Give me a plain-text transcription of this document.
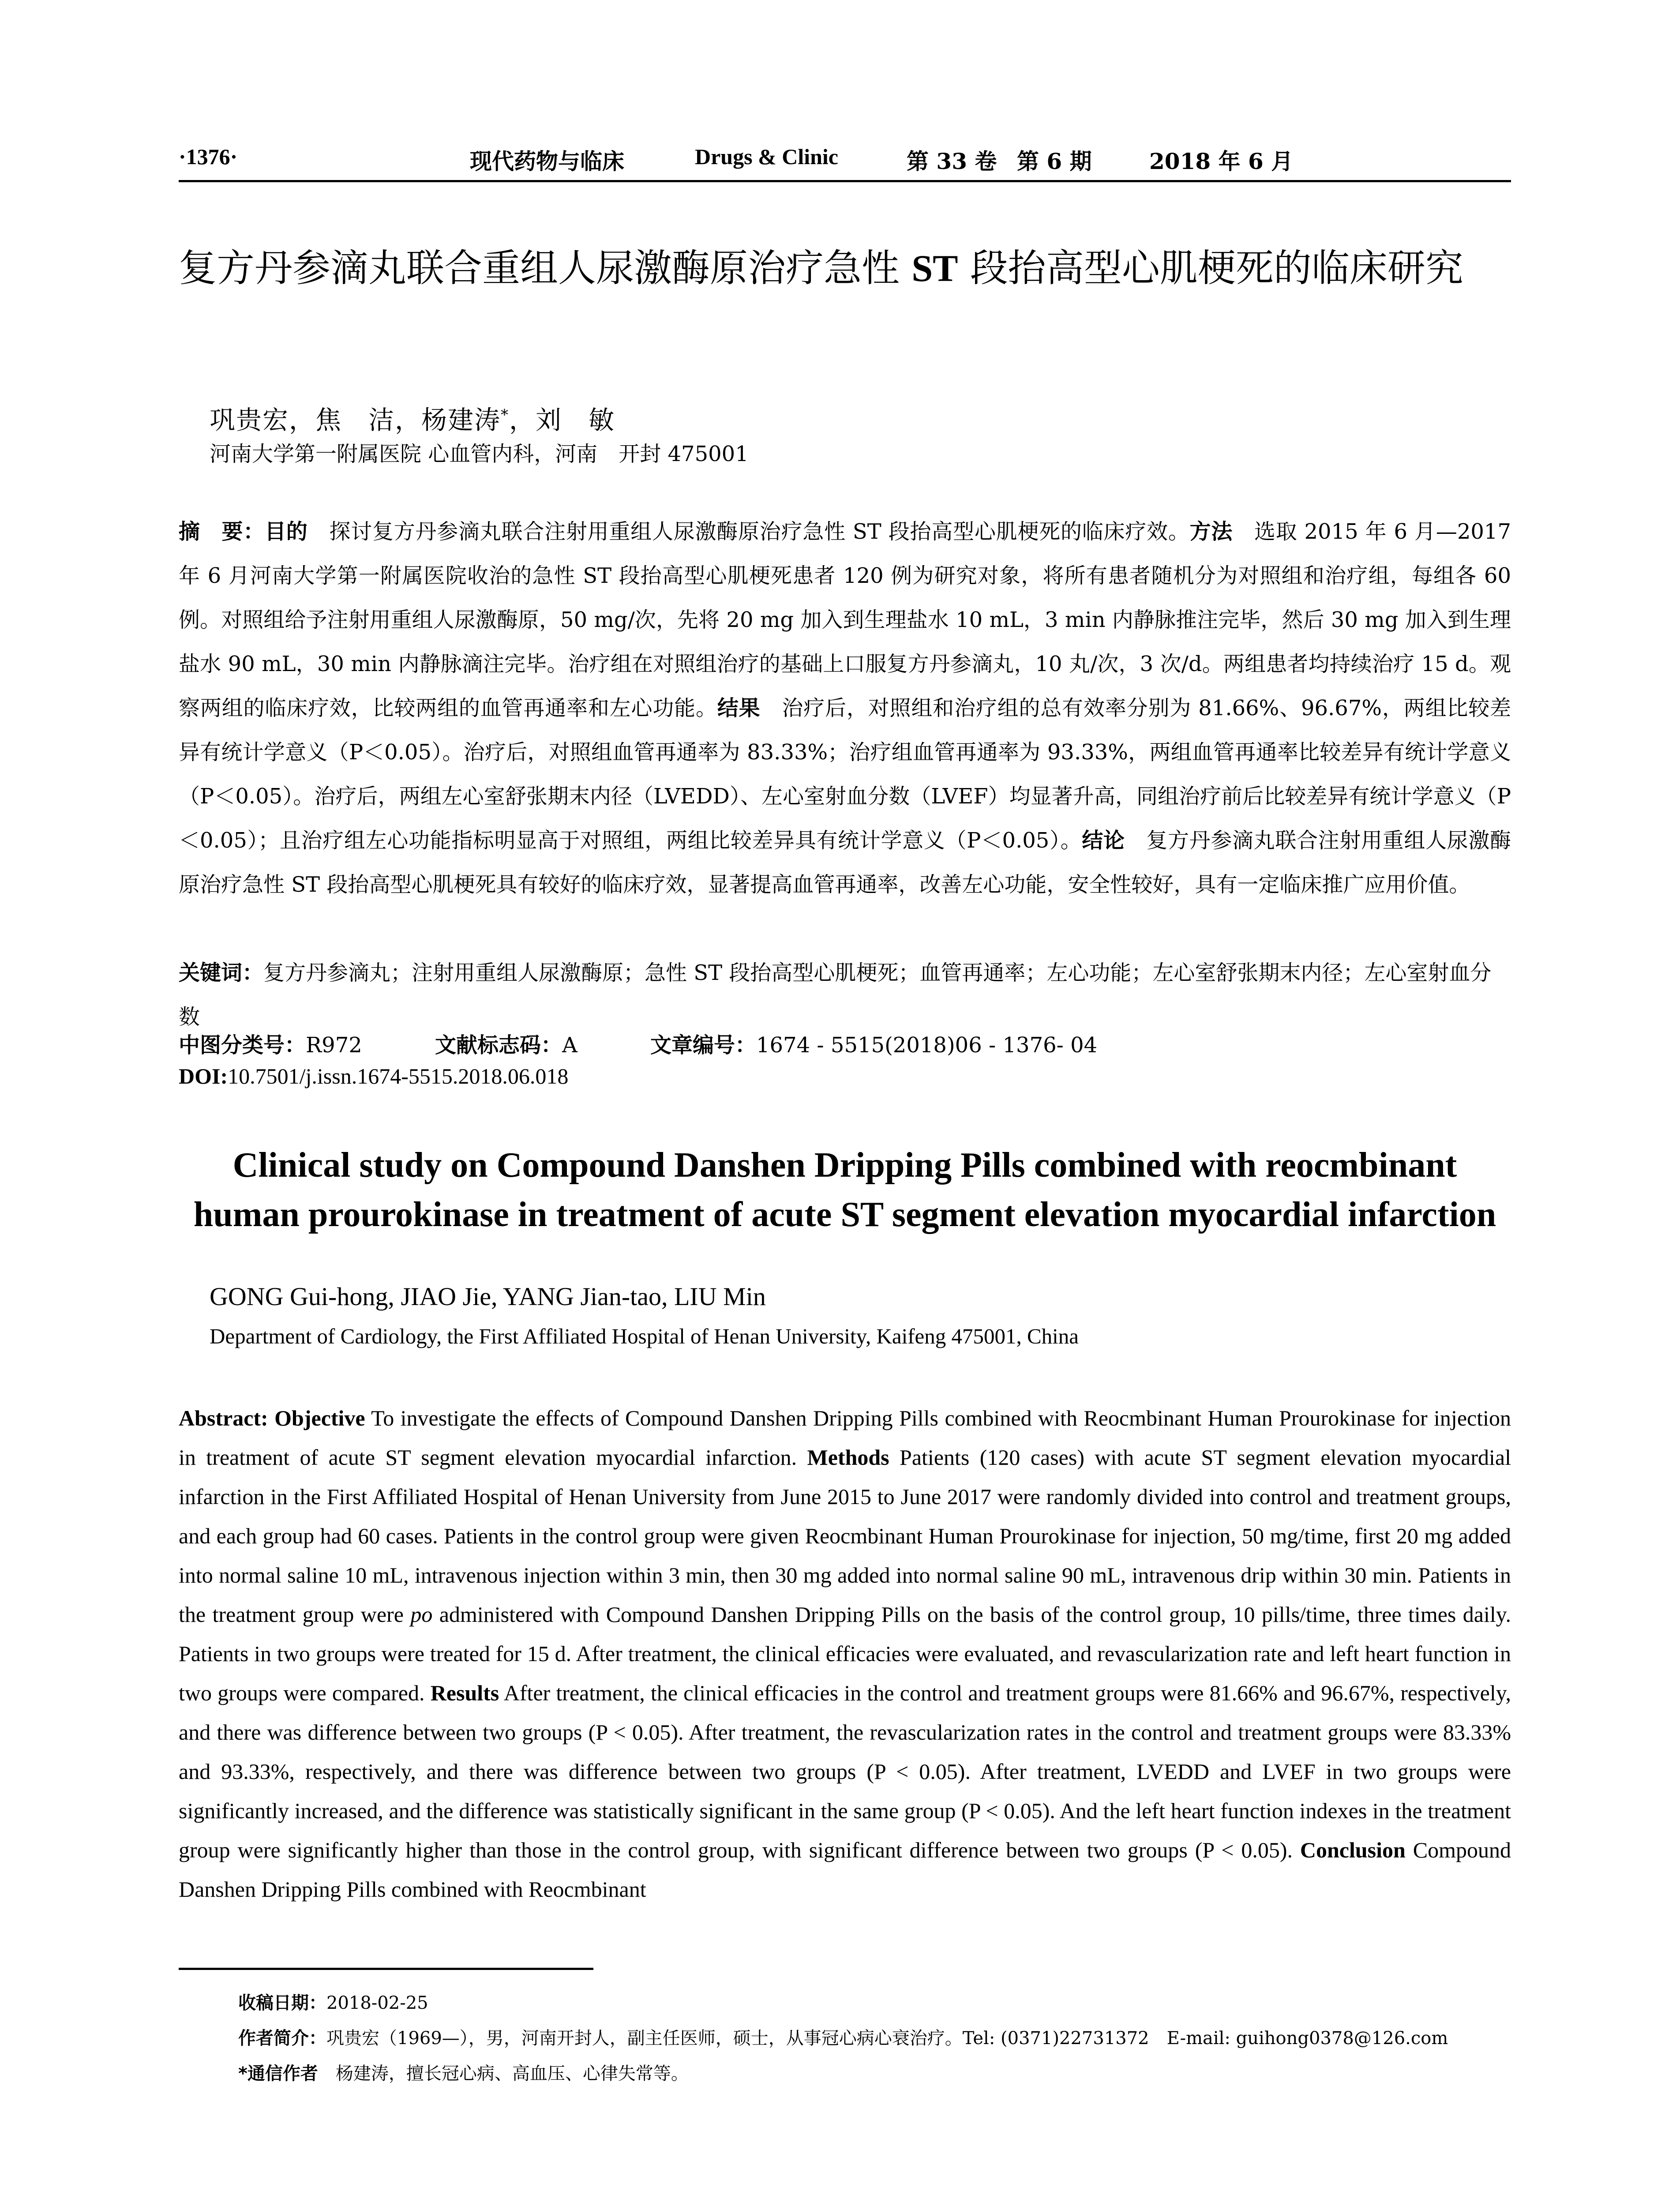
·1376·	现代药物与临床	Drugs & Clinic	第 33 卷 第 6 期	2018 年 6 月
复方丹参滴丸联合重组人尿激酶原治疗急性 ST 段抬高型心肌梗死的临床研究
巩贵宏，焦　洁，杨建涛*，刘　敏
河南大学第一附属医院 心血管内科，河南　开封 475001
摘　要：目的　探讨复方丹参滴丸联合注射用重组人尿激酶原治疗急性 ST 段抬高型心肌梗死的临床疗效。方法　选取 2015 年 6 月—2017 年 6 月河南大学第一附属医院收治的急性 ST 段抬高型心肌梗死患者 120 例为研究对象，将所有患者随机分为对照组和治疗组，每组各 60 例。对照组给予注射用重组人尿激酶原，50 mg/次，先将 20 mg 加入到生理盐水 10 mL，3 min 内静脉推注完毕，然后 30 mg 加入到生理盐水 90 mL，30 min 内静脉滴注完毕。治疗组在对照组治疗的基础上口服复方丹参滴丸，10 丸/次，3 次/d。两组患者均持续治疗 15 d。观察两组的临床疗效，比较两组的血管再通率和左心功能。结果　治疗后，对照组和治疗组的总有效率分别为 81.66%、96.67%，两组比较差异有统计学意义（P＜0.05）。治疗后，对照组血管再通率为 83.33%；治疗组血管再通率为 93.33%，两组血管再通率比较差异有统计学意义（P＜0.05）。治疗后，两组左心室舒张期末内径（LVEDD）、左心室射血分数（LVEF）均显著升高，同组治疗前后比较差异有统计学意义（P＜0.05）；且治疗组左心功能指标明显高于对照组，两组比较差异具有统计学意义（P＜0.05）。结论　复方丹参滴丸联合注射用重组人尿激酶原治疗急性 ST 段抬高型心肌梗死具有较好的临床疗效，显著提高血管再通率，改善左心功能，安全性较好，具有一定临床推广应用价值。
关键词：复方丹参滴丸；注射用重组人尿激酶原；急性 ST 段抬高型心肌梗死；血管再通率；左心功能；左心室舒张期末内径；左心室射血分数
中图分类号：R972	文献标志码：A	文章编号：1674 - 5515(2018)06 - 1376- 04
DOI:10.7501/j.issn.1674-5515.2018.06.018
Clinical study on Compound Danshen Dripping Pills combined with reocmbinant human prourokinase in treatment of acute ST segment elevation myocardial infarction
GONG Gui-hong, JIAO Jie, YANG Jian-tao, LIU Min
Department of Cardiology, the First Affiliated Hospital of Henan University, Kaifeng 475001, China
Abstract: Objective To investigate the effects of Compound Danshen Dripping Pills combined with Reocmbinant Human Prourokinase for injection in treatment of acute ST segment elevation myocardial infarction. Methods Patients (120 cases) with acute ST segment elevation myocardial infarction in the First Affiliated Hospital of Henan University from June 2015 to June 2017 were randomly divided into control and treatment groups, and each group had 60 cases. Patients in the control group were given Reocmbinant Human Prourokinase for injection, 50 mg/time, first 20 mg added into normal saline 10 mL, intravenous injection within 3 min, then 30 mg added into normal saline 90 mL, intravenous drip within 30 min. Patients in the treatment group were po administered with Compound Danshen Dripping Pills on the basis of the control group, 10 pills/time, three times daily. Patients in two groups were treated for 15 d. After treatment, the clinical efficacies were evaluated, and revascularization rate and left heart function in two groups were compared. Results After treatment, the clinical efficacies in the control and treatment groups were 81.66% and 96.67%, respectively, and there was difference between two groups (P < 0.05). After treatment, the revascularization rates in the control and treatment groups were 83.33% and 93.33%, respectively, and there was difference between two groups (P < 0.05). After treatment, LVEDD and LVEF in two groups were significantly increased, and the difference was statistically significant in the same group (P < 0.05). And the left heart function indexes in the treatment group were significantly higher than those in the control group, with significant difference between two groups (P < 0.05). Conclusion Compound Danshen Dripping Pills combined with Reocmbinant
收稿日期：2018-02-25
作者简介：巩贵宏（1969—），男，河南开封人，副主任医师，硕士，从事冠心病心衰治疗。Tel: (0371)22731372　E-mail: guihong0378@126.com
*通信作者　杨建涛，擅长冠心病、高血压、心律失常等。
